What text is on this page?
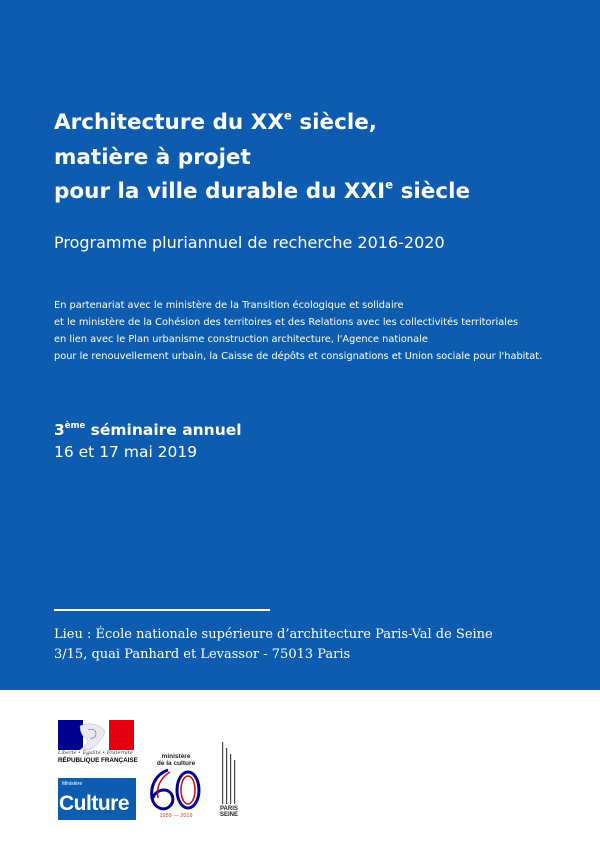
Architecture du XXe siècle,
matière à projet
pour la ville durable du XXIe siècle
Programme pluriannuel de recherche 2016-2020
En partenariat avec le ministère de la Transition écologique et solidaire
et le ministère de la Cohésion des territoires et des Relations avec les collectivités territoriales
en lien avec le Plan urbanisme construction architecture, l'Agence nationale
pour le renouvellement urbain, la Caisse de dépôts et consignations et Union sociale pour l'habitat.
3ème séminaire annuel
16 et 17 mai 2019
Lieu : École nationale supérieure d’architecture Paris-Val de Seine
3/15, quai Panhard et Levassor - 75013 Paris
Liberté • Égalité • Fraternité
RÉPUBLIQUE FRANÇAISE
Ministère
Culture
ministère
de la culture
1959 — 2019
PARIS
SEINE
